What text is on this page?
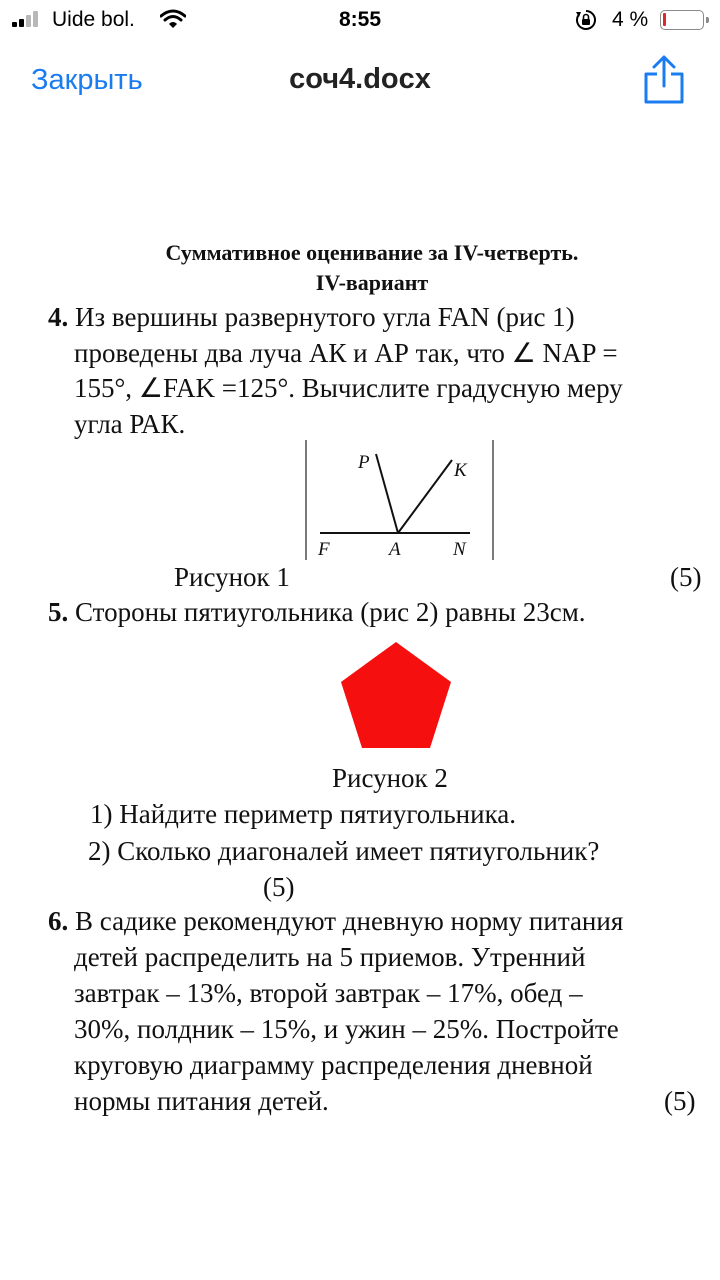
Uide bol.	8:55	4 %
Закрыть	соч4.docx
Суммативное оценивание за IV-четверть.
IV-вариант
4. Из вершины развернутого угла FAN (рис 1)
проведены два луча АК и АР так, что ∠ NAP =
155°, ∠FAK =125°. Вычислите градусную меру
угла РАК.
P	K
F	A	N
Рисунок 1	(5)
5. Стороны пятиугольника (рис 2) равны 23см.
Рисунок 2
1) Найдите периметр пятиугольника.
2) Сколько диагоналей имеет пятиугольник?
(5)
6. В садике рекомендуют дневную норму питания
детей распределить на 5 приемов. Утренний
завтрак – 13%, второй завтрак – 17%, обед –
30%, полдник – 15%, и ужин – 25%. Постройте
круговую диаграмму распределения дневной
нормы питания детей.	(5)
